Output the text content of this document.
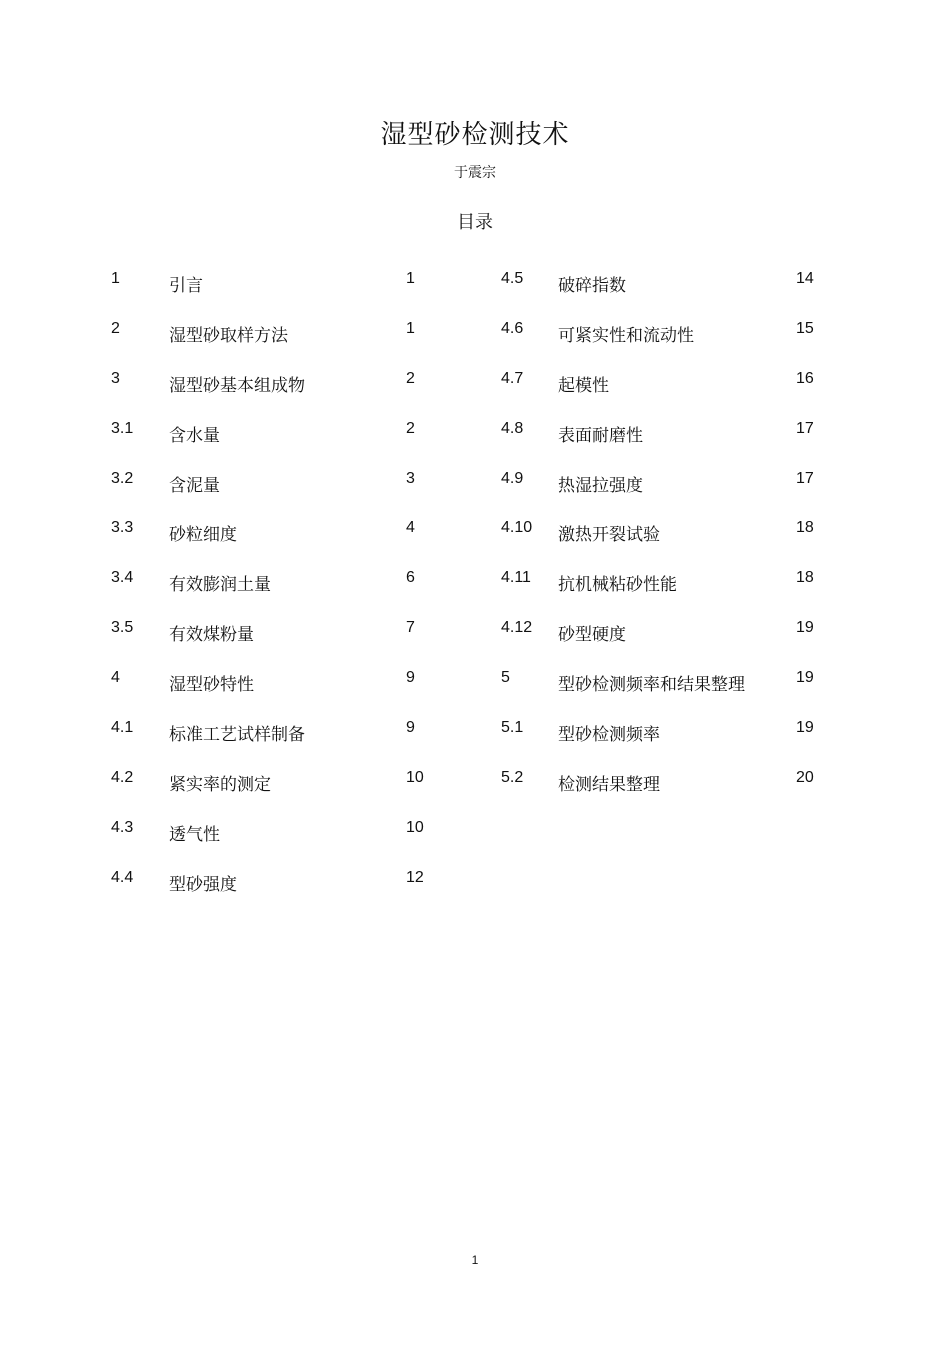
湿型砂检测技术
于震宗
目录
1	引言	1
2	湿型砂取样方法	1
3	湿型砂基本组成物	2
3.1 含水量	2
3.2 含泥量	3
3.3 砂粒细度	4
3.4 有效膨润土量	6
3.5 有效煤粉量	7
4	湿型砂特性	9
4.1 标准工艺试样制备	9
4.2 紧实率的测定	10
4.3 透气性	10
4.4 型砂强度	12
4.5 破碎指数	14
4.6 可紧实性和流动性	15
4.7 起模性	16
4.8 表面耐磨性	17
4.9 热湿拉强度	17
4.10 激热开裂试验	18
4.11 抗机械粘砂性能	18
4.12 砂型硬度	19
5	型砂检测频率和结果整理	19
5.1 型砂检测频率	19
5.2 检测结果整理	20
1
